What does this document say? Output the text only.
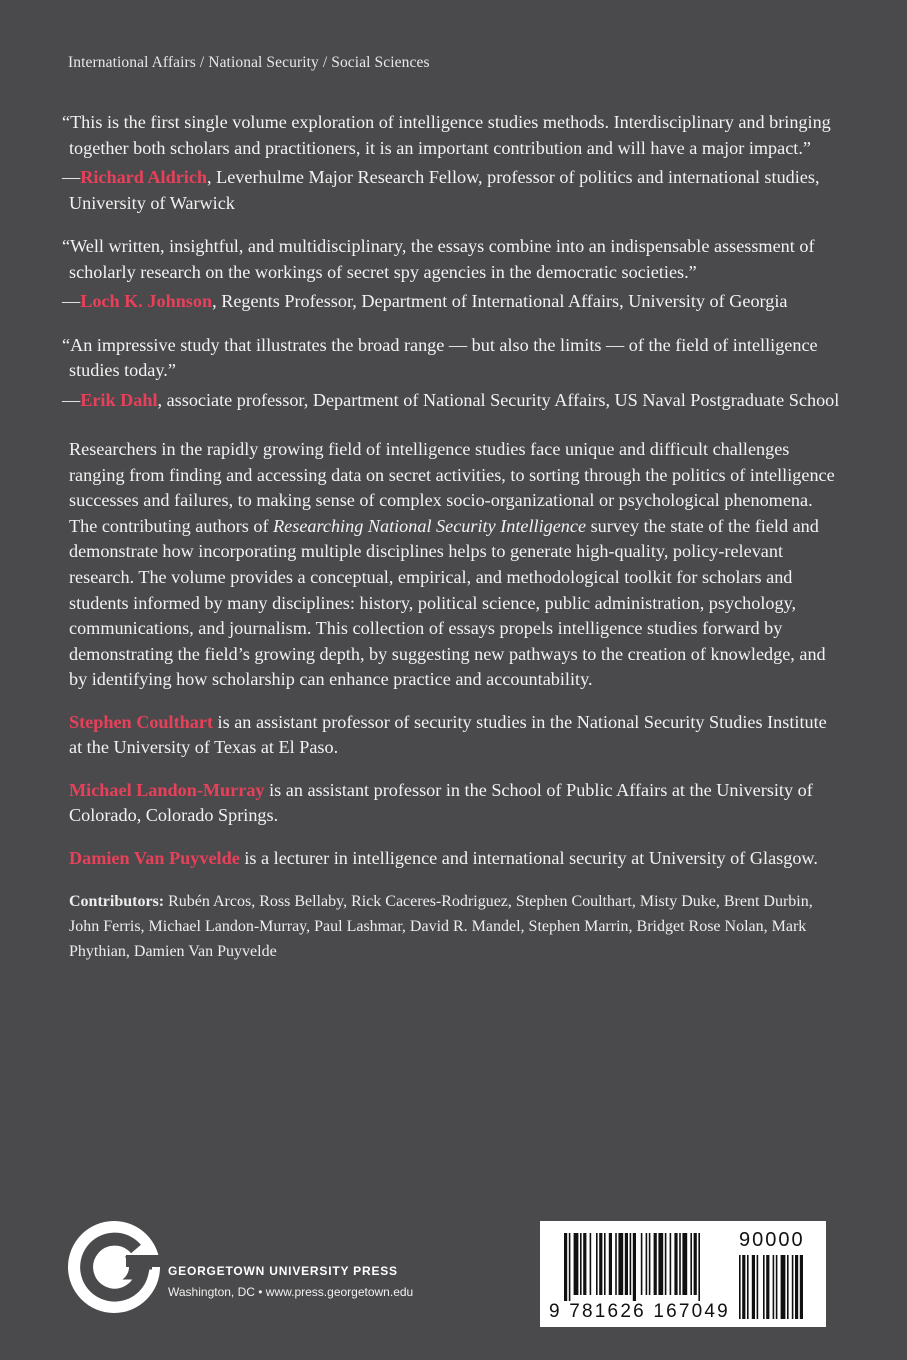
International Affairs / National Security / Social Sciences

“This is the first single volume exploration of intelligence studies methods. Interdisciplinary and bringing together both scholars and practitioners, it is an important contribution and will have a major impact.”

—Richard Aldrich, Leverhulme Major Research Fellow, professor of politics and international studies, University of Warwick

“Well written, insightful, and multidisciplinary, the essays combine into an indispensable assessment of scholarly research on the workings of secret spy agencies in the democratic societies.”

—Loch K. Johnson, Regents Professor, Department of International Affairs, University of Georgia

“An impressive study that illustrates the broad range — but also the limits — of the field of intelligence studies today.”

—Erik Dahl, associate professor, Department of National Security Affairs, US Naval Postgraduate School

Researchers in the rapidly growing field of intelligence studies face unique and difficult challenges ranging from finding and accessing data on secret activities, to sorting through the politics of intelligence successes and failures, to making sense of complex socio-organizational or psychological phenomena. The contributing authors of Researching National Security Intelligence survey the state of the field and demonstrate how incorporating multiple disciplines helps to generate high-quality, policy-relevant research. The volume provides a conceptual, empirical, and methodological toolkit for scholars and students informed by many disciplines: history, political science, public administration, psychology, communications, and journalism. This collection of essays propels intelligence studies forward by demonstrating the field’s growing depth, by suggesting new pathways to the creation of knowledge, and by identifying how scholarship can enhance practice and accountability.

Stephen Coulthart is an assistant professor of security studies in the National Security Studies Institute at the University of Texas at El Paso.

Michael Landon-Murray is an assistant professor in the School of Public Affairs at the University of Colorado, Colorado Springs.

Damien Van Puyvelde is a lecturer in intelligence and international security at University of Glasgow.

Contributors: Rubén Arcos, Ross Bellaby, Rick Caceres-Rodriguez, Stephen Coulthart, Misty Duke, Brent Durbin, John Ferris, Michael Landon-Murray, Paul Lashmar, David R. Mandel, Stephen Marrin, Bridget Rose Nolan, Mark Phythian, Damien Van Puyvelde

GEORGETOWN UNIVERSITY PRESS
Washington, DC • www.press.georgetown.edu
90000
9 781626 167049
